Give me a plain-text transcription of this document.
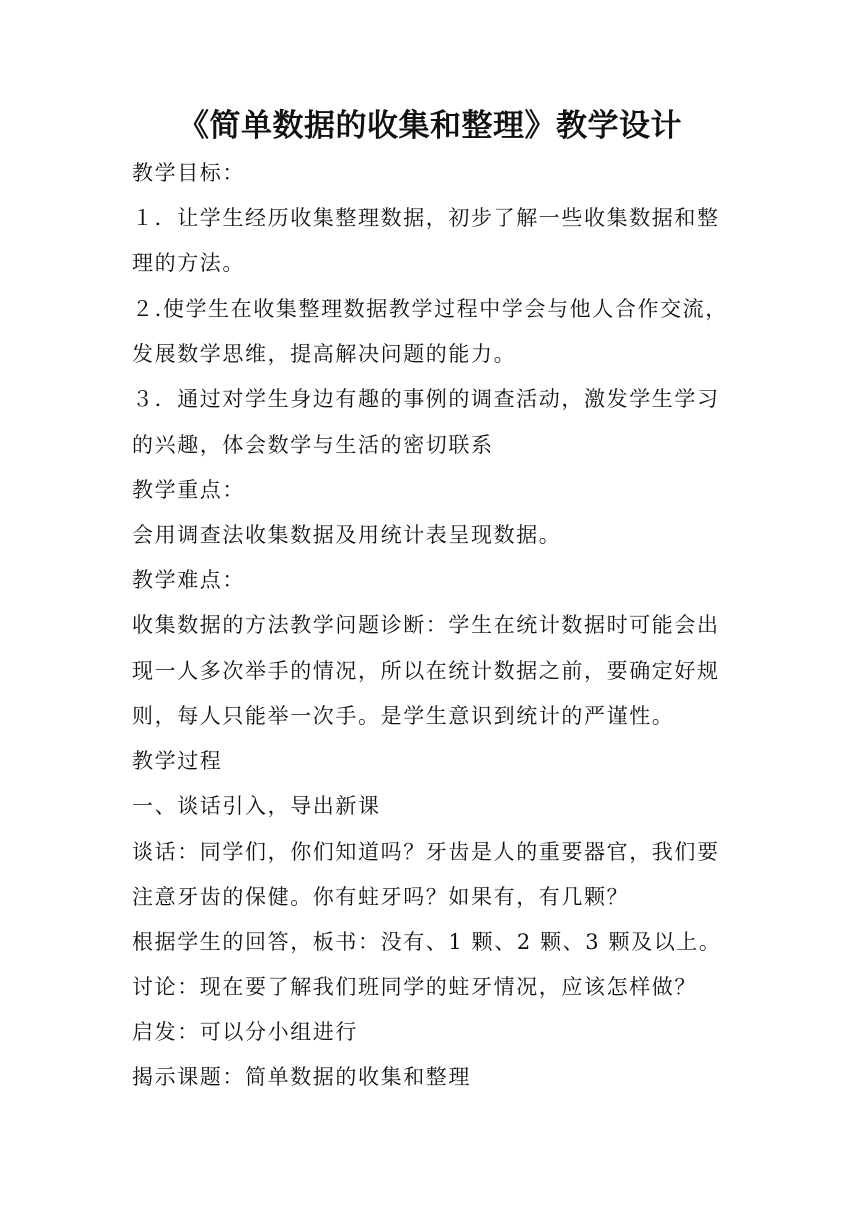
《简单数据的收集和整理》教学设计
教学目标：
１．让学生经历收集整理数据，初步了解一些收集数据和整
理的方法。
２.使学生在收集整理数据教学过程中学会与他人合作交流，
发展数学思维，提高解决问题的能力。
３．通过对学生身边有趣的事例的调查活动，激发学生学习
的兴趣，体会数学与生活的密切联系
教学重点：
会用调查法收集数据及用统计表呈现数据。
教学难点：
收集数据的方法教学问题诊断：学生在统计数据时可能会出
现一人多次举手的情况，所以在统计数据之前，要确定好规
则，每人只能举一次手。是学生意识到统计的严谨性。
教学过程
一、谈话引入，导出新课
谈话：同学们，你们知道吗？牙齿是人的重要器官，我们要
注意牙齿的保健。你有蛀牙吗？如果有，有几颗？
根据学生的回答，板书：没有、1 颗、2 颗、3 颗及以上。
讨论：现在要了解我们班同学的蛀牙情况，应该怎样做？
启发：可以分小组进行
揭示课题：简单数据的收集和整理
